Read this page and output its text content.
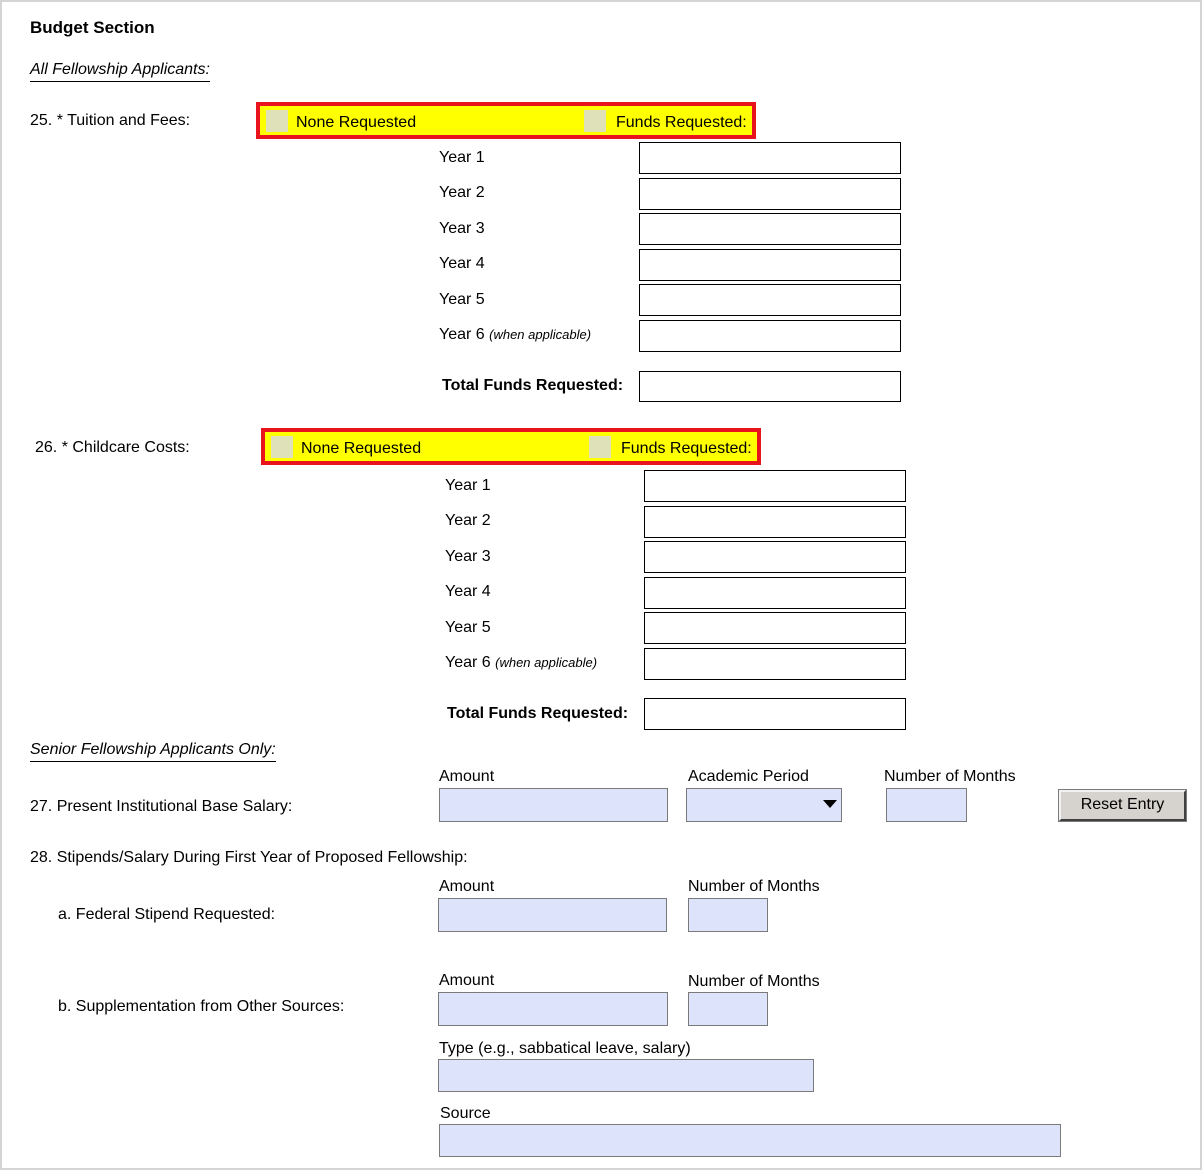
Budget Section
All Fellowship Applicants:
25. * Tuition and Fees:	None Requested	Funds Requested:
Year 1
Year 2
Year 3
Year 4
Year 5
Year 6 (when applicable)
Total Funds Requested:
26. * Childcare Costs:	None Requested	Funds Requested:
Year 1
Year 2
Year 3
Year 4
Year 5
Year 6 (when applicable)
Total Funds Requested:
Senior Fellowship Applicants Only:
Amount	Academic Period	Number of Months
27. Present Institutional Base Salary:	Reset Entry
28. Stipends/Salary During First Year of Proposed Fellowship:
Amount	Number of Months
a. Federal Stipend Requested:
Amount	Number of Months
b. Supplementation from Other Sources:
Type (e.g., sabbatical leave, salary)
Source
